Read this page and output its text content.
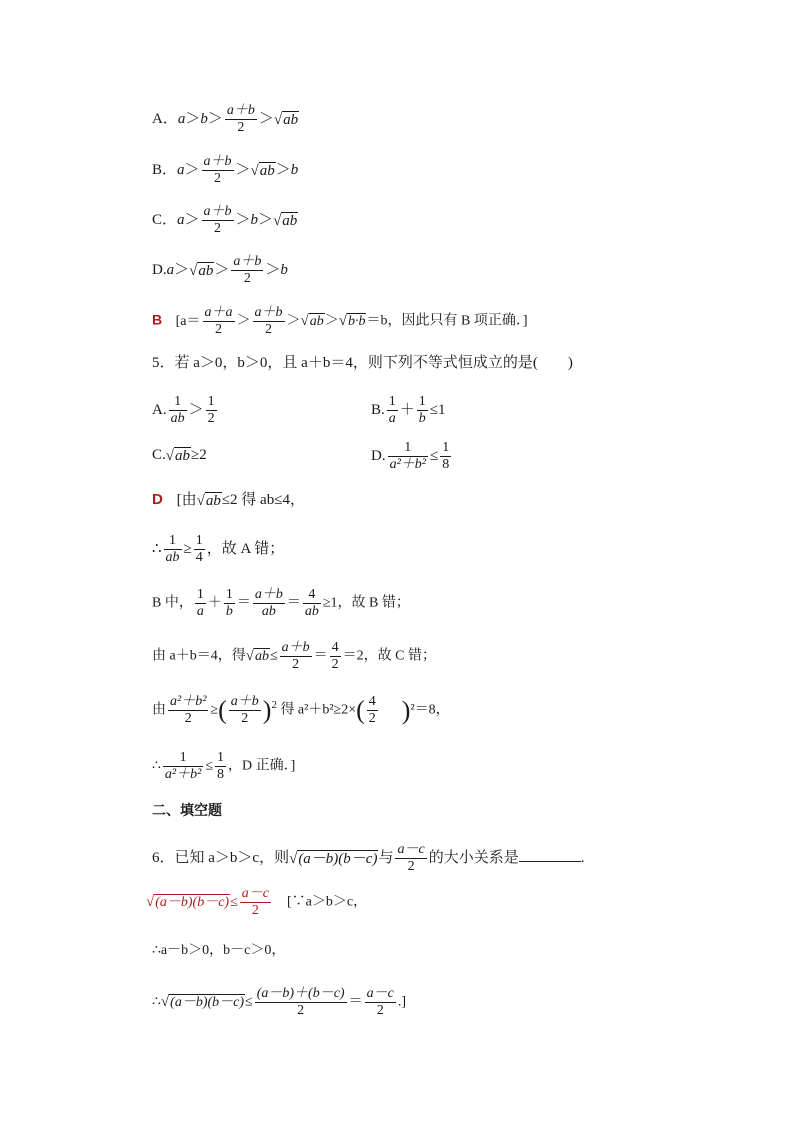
A．$a>b> \frac{a+b}{2} >√ab$
B．$a> \frac{a+b}{2} >√ab>b$
C．$a> \frac{a+b}{2} >b>√ab$
$D.a>√ab> \frac{a+b}{2} >b$
B [$a= \frac{a+a}{2} > \frac{a+b}{2} >√ab>√b\cdot b=b$，因此只有 B 项正确．]
5．若 a＞0，b＞0，且 a＋b＝4，则下列不等式恒成立的是(　　)
A. $\frac{1}{ab} > \frac{1}{2}$	B. $\frac{1}{a} + \frac{1}{b} \le 1$
C.√ab≥2	D. $\frac{1}{\text{a²＋b²}} \le \frac{1}{8}$
D [由√ab≤2 得 ab≤4，
∴ $\frac{1}{ab} \ge \frac{1}{4}$ ，故 A 错；
B 中， $\frac{1}{a} + \frac{1}{b} = \frac{a+b}{ab} = \frac{4}{ab} \ge 1$，故 B 错；
由 a＋b＝4，得$√ab\le \frac{a+b}{2} = \frac{4}{2} =2$，故 C 错；
由 $\frac{\text{a²＋b²}}{2}$ ≥( $\frac{a+b}{2} )^2$ 得 $a^2+b^2\ge 2\times( \frac{4}{2} )^2=8$，
∴ $\frac{1}{\text{a²＋b²}} \le \frac{1}{8}$ ，D 正确．]
二、填空题
6．已知 a＞b＞c，则√(a－b)(b－c)与 $\frac{a-c}{2}$ 的大小关系是	.
$√(a-b)(b-c)\le \frac{a-c}{2}$ 　[∵a＞b＞c，
∴a－b＞0，b－c＞0，
∴√(a－b)(b－c)≤ $\frac{(a-b)+(b-c)}{2} = \frac{a-c}{2}$ .]
